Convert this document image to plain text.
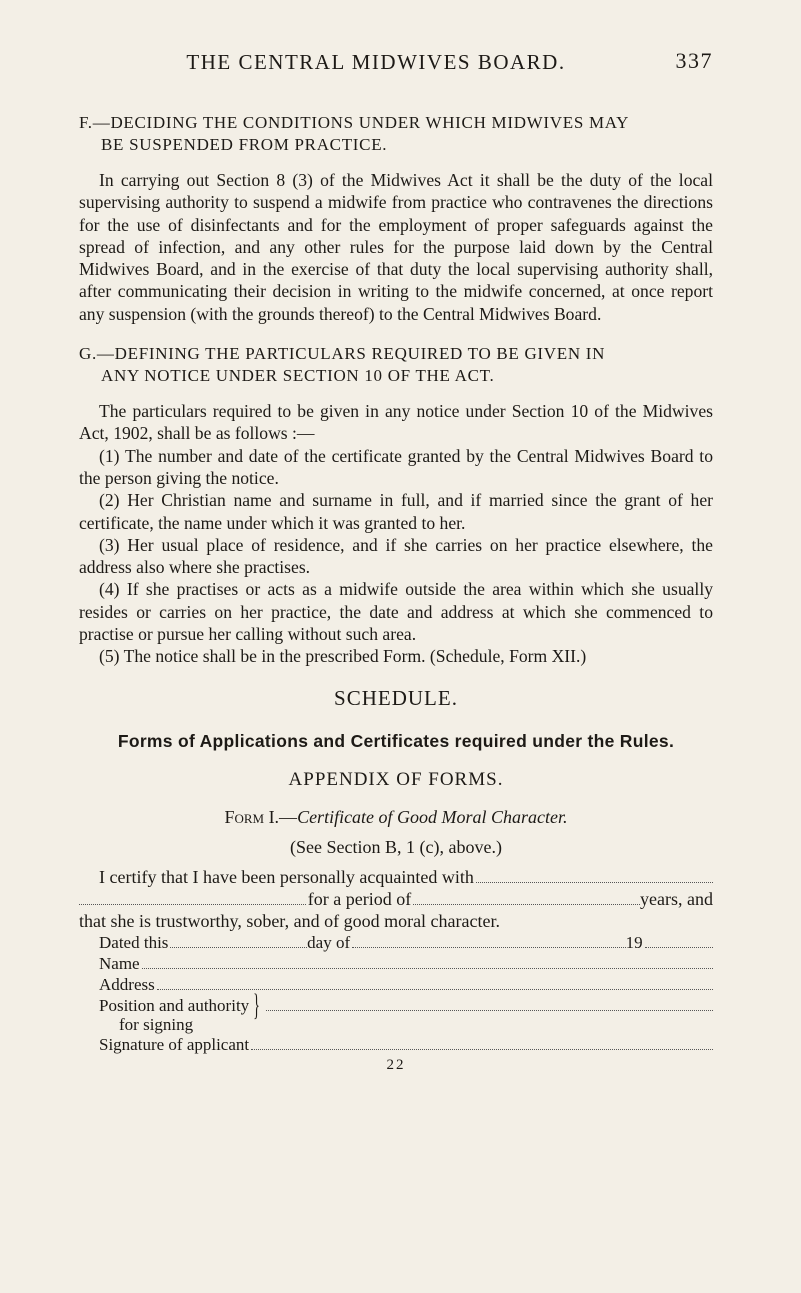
THE CENTRAL MIDWIVES BOARD.	337
F.—DECIDING THE CONDITIONS UNDER WHICH MIDWIVES MAY
BE SUSPENDED FROM PRACTICE.

In carrying out Section 8 (3) of the Midwives Act it shall be the duty of the local supervising authority to suspend a midwife from practice who contravenes the directions for the use of disinfectants and for the employment of proper safeguards against the spread of infection, and any other rules for the purpose laid down by the Central Midwives Board, and in the exercise of that duty the local supervising authority shall, after communicating their decision in writing to the midwife concerned, at once report any suspension (with the grounds thereof) to the Central Midwives Board.

G.—DEFINING THE PARTICULARS REQUIRED TO BE GIVEN IN
ANY NOTICE UNDER SECTION 10 OF THE ACT.

The particulars required to be given in any notice under Section 10 of the Midwives Act, 1902, shall be as follows :—

(1) The number and date of the certificate granted by the Central Midwives Board to the person giving the notice.

(2) Her Christian name and surname in full, and if married since the grant of her certificate, the name under which it was granted to her.

(3) Her usual place of residence, and if she carries on her practice elsewhere, the address also where she practises.

(4) If she practises or acts as a midwife outside the area within which she usually resides or carries on her practice, the date and address at which she commenced to practise or pursue her calling without such area.

(5) The notice shall be in the prescribed Form. (Schedule, Form XII.)

SCHEDULE.
Forms of Applications and Certificates required under the Rules.
APPENDIX OF FORMS.
Form I.—Certificate of Good Moral Character.
(See Section B, 1 (c), above.)
I certify that I have been personally acquainted with
for a period of	years, and
that she is trustworthy, sober, and of good moral character.
Dated this	day of	19
Name
Address
Position and authority
for signing
}
Signature of applicant
22
